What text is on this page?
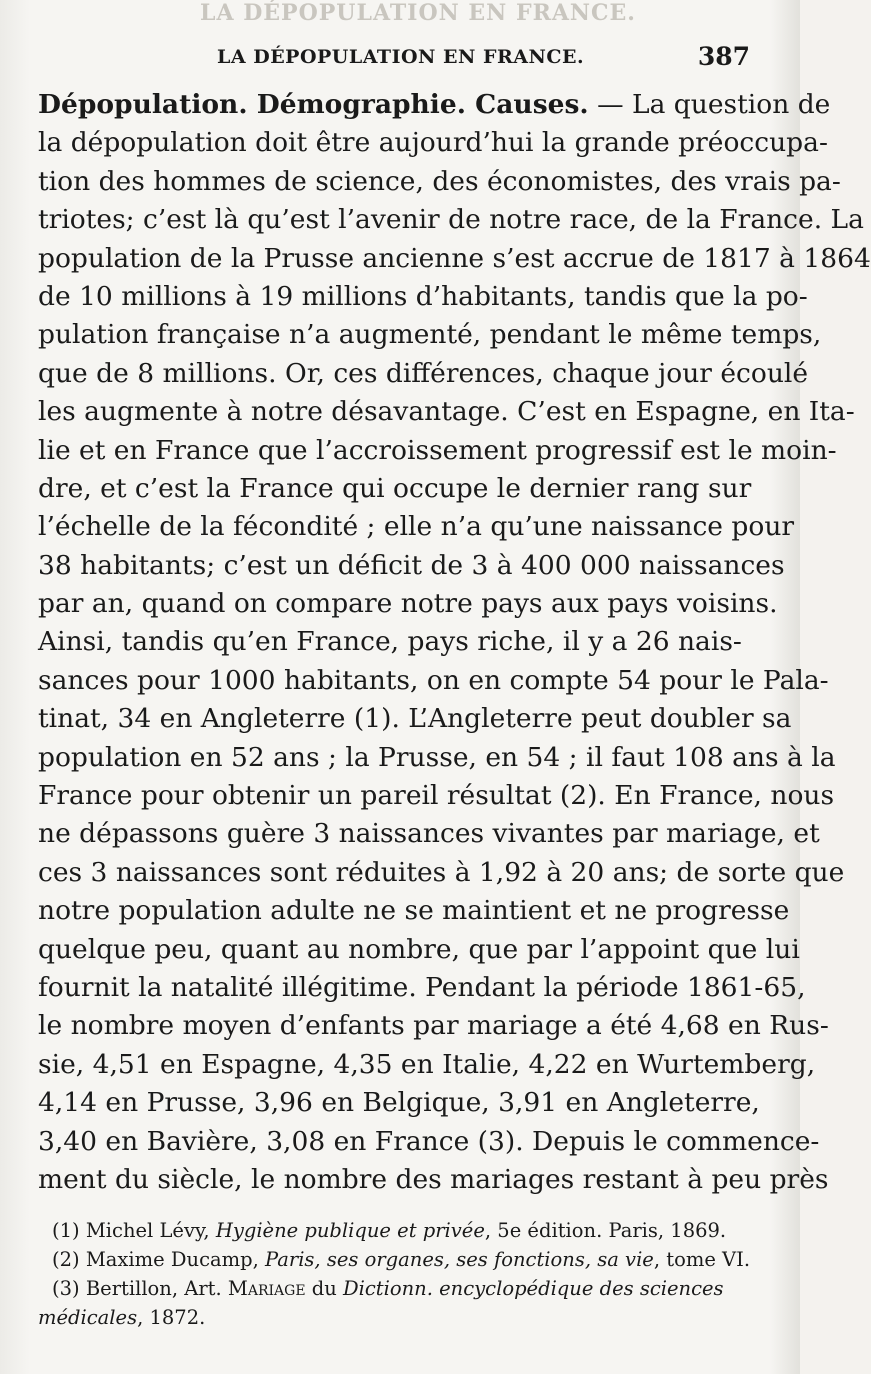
LA DÉPOPULATION EN FRANCE.
LA DÉPOPULATION EN FRANCE.	387
Dépopulation. Démographie. Causes. — La question de
la dépopulation doit être aujourd’hui la grande préoccupa-
tion des hommes de science, des économistes, des vrais pa-
triotes; c’est là qu’est l’avenir de notre race, de la France. La
population de la Prusse ancienne s’est accrue de 1817 à 1864
de 10 millions à 19 millions d’habitants, tandis que la po-
pulation française n’a augmenté, pendant le même temps,
que de 8 millions. Or, ces différences, chaque jour écoulé
les augmente à notre désavantage. C’est en Espagne, en Ita-
lie et en France que l’accroissement progressif est le moin-
dre, et c’est la France qui occupe le dernier rang sur
l’échelle de la fécondité ; elle n’a qu’une naissance pour
38 habitants; c’est un déficit de 3 à 400 000 naissances
par an, quand on compare notre pays aux pays voisins.
Ainsi, tandis qu’en France, pays riche, il y a 26 nais-
sances pour 1000 habitants, on en compte 54 pour le Pala-
tinat, 34 en Angleterre (1). L’Angleterre peut doubler sa
population en 52 ans ; la Prusse, en 54 ; il faut 108 ans à la
France pour obtenir un pareil résultat (2). En France, nous
ne dépassons guère 3 naissances vivantes par mariage, et
ces 3 naissances sont réduites à 1,92 à 20 ans; de sorte que
notre population adulte ne se maintient et ne progresse
quelque peu, quant au nombre, que par l’appoint que lui
fournit la natalité illégitime. Pendant la période 1861-65,
le nombre moyen d’enfants par mariage a été 4,68 en Rus-
sie, 4,51 en Espagne, 4,35 en Italie, 4,22 en Wurtemberg,
4,14 en Prusse, 3,96 en Belgique, 3,91 en Angleterre,
3,40 en Bavière, 3,08 en France (3). Depuis le commence-
ment du siècle, le nombre des mariages restant à peu près
(1) Michel Lévy, Hygiène publique et privée, 5e édition. Paris, 1869.
(2) Maxime Ducamp, Paris, ses organes, ses fonctions, sa vie, tome VI.
(3) Bertillon, Art. Mariage du Dictionn. encyclopédique des sciences
médicales, 1872.
